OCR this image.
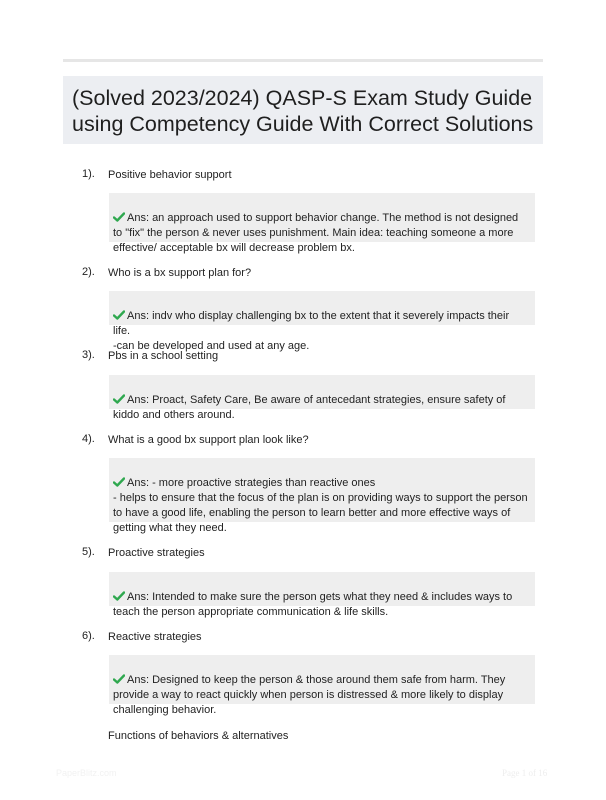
(Solved 2023/2024) QASP-S Exam Study Guide using Competency Guide With Correct Solutions
1). Positive behavior support

Ans: an approach used to support behavior change. The method is not designed to "fix" the person & never uses punishment. Main idea: teaching someone a more effective/ acceptable bx will decrease problem bx.

2). Who is a bx support plan for?

Ans: indv who display challenging bx to the extent that it severely impacts their life.
-can be developed and used at any age.

3). Pbs in a school setting

Ans: Proact, Safety Care, Be aware of antecedant strategies, ensure safety of kiddo and others around.

4). What is a good bx support plan look like?

Ans: - more proactive strategies than reactive ones
- helps to ensure that the focus of the plan is on providing ways to support the person to have a good life, enabling the person to learn better and more effective ways of getting what they need.

5). Proactive strategies

Ans: Intended to make sure the person gets what they need & includes ways to teach the person appropriate communication & life skills.

6). Reactive strategies

Ans: Designed to keep the person & those around them safe from harm. They provide a way to react quickly when person is distressed & more likely to display challenging behavior.

Functions of behaviors & alternatives
PaperBlitz.com	Page 1 of 16
